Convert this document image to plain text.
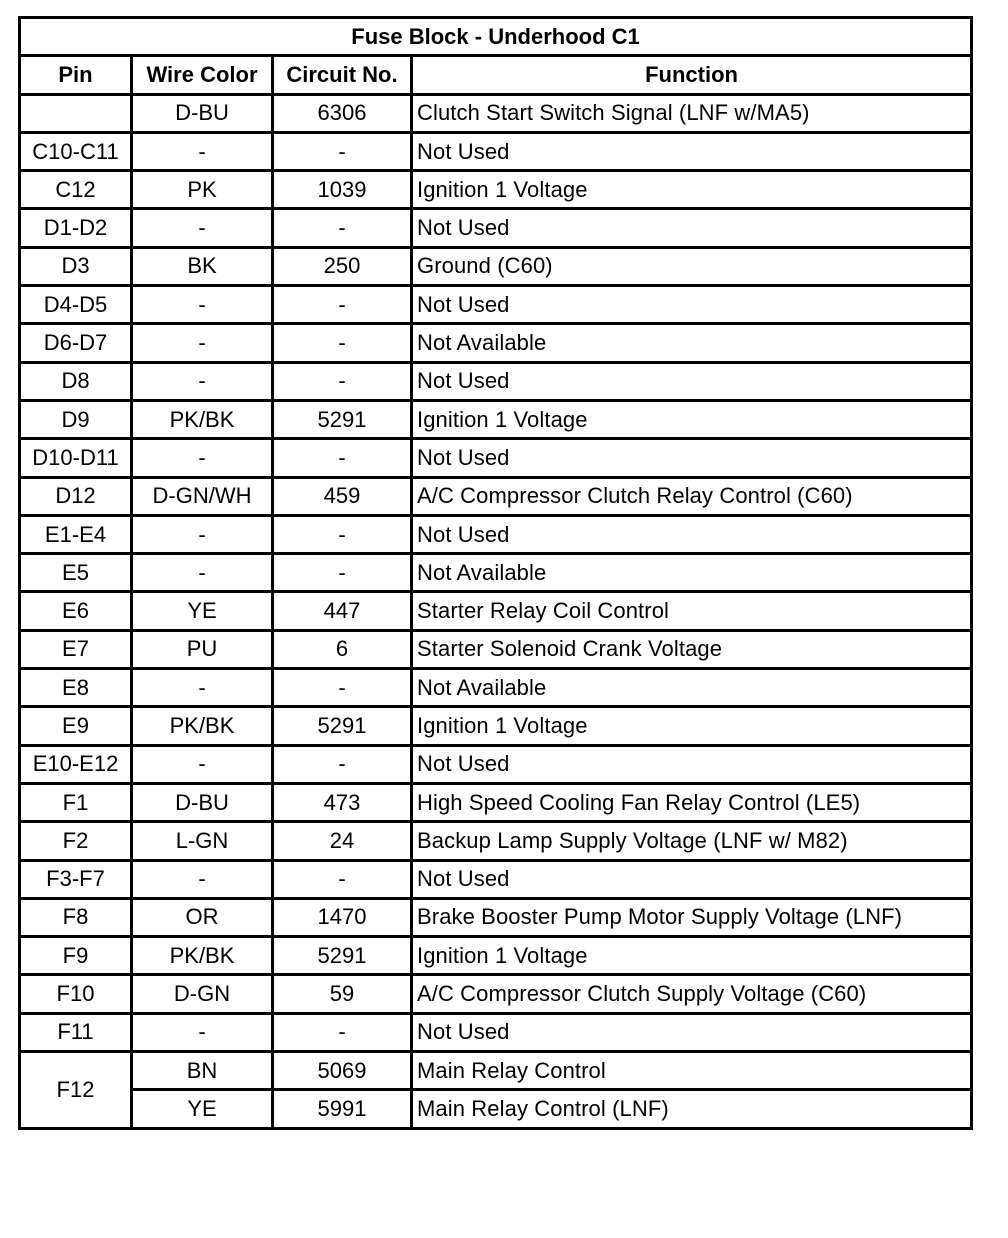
Fuse Block - Underhood C1			
Pin	Wire Color	Circuit No.	Function
	D-BU	6306	Clutch Start Switch Signal (LNF w/MA5)
C10-C11	-	-	Not Used
C12	PK	1039	Ignition 1 Voltage
D1-D2	-	-	Not Used
D3	BK	250	Ground (C60)
D4-D5	-	-	Not Used
D6-D7	-	-	Not Available
D8	-	-	Not Used
D9	PK/BK	5291	Ignition 1 Voltage
D10-D11	-	-	Not Used
D12	D-GN/WH	459	A/C Compressor Clutch Relay Control (C60)
E1-E4	-	-	Not Used
E5	-	-	Not Available
E6	YE	447	Starter Relay Coil Control
E7	PU	6	Starter Solenoid Crank Voltage
E8	-	-	Not Available
E9	PK/BK	5291	Ignition 1 Voltage
E10-E12	-	-	Not Used
F1	D-BU	473	High Speed Cooling Fan Relay Control (LE5)
F2	L-GN	24	Backup Lamp Supply Voltage (LNF w/ M82)
F3-F7	-	-	Not Used
F8	OR	1470	Brake Booster Pump Motor Supply Voltage (LNF)
F9	PK/BK	5291	Ignition 1 Voltage
F10	D-GN	59	A/C Compressor Clutch Supply Voltage (C60)
F11	-	-	Not Used
F12	BN	5069	Main Relay Control
	YE	5991	Main Relay Control (LNF)
